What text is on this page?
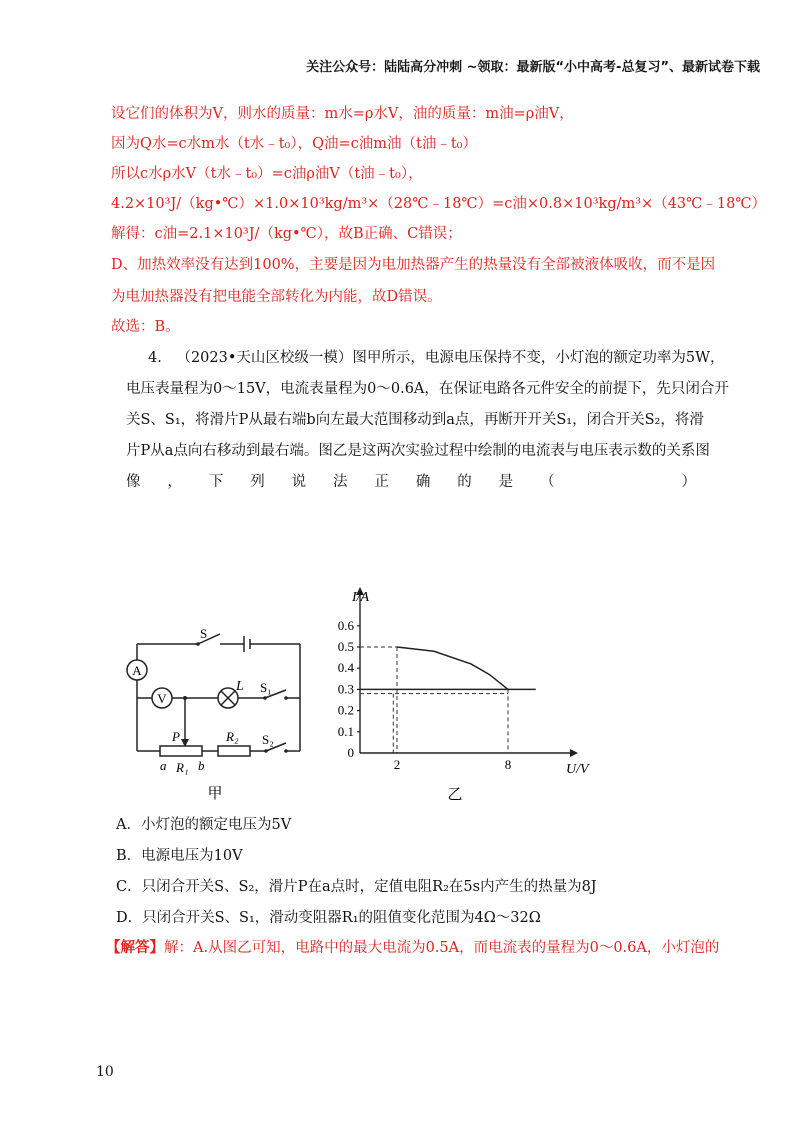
关注公众号：陆陆高分冲刺 ~领取：最新版“小中高考-总复习”、最新试卷下载
设它们的体积为V，则水的质量：m水=ρ水V，油的质量：m油=ρ油V，
因为Q水=c水m水（t水﹣t₀），Q油=c油m油（t油﹣t₀）
所以c水ρ水V（t水﹣t₀）=c油ρ油V（t油﹣t₀），
4.2×10³J/（kg•℃）×1.0×10³kg/m³×（28℃﹣18℃）=c油×0.8×10³kg/m³×（43℃﹣18℃）
解得：c油=2.1×10³J/（kg•℃），故B正确、C错误；
D、加热效率没有达到100%，主要是因为电加热器产生的热量没有全部被液体吸收，而不是因
为电加热器没有把电能全部转化为内能，故D错误。
故选：B。
4. （2023•天山区校级一模）图甲所示，电源电压保持不变，小灯泡的额定功率为5W，
电压表量程为0～15V，电流表量程为0～0.6A，在保证电路各元件安全的前提下，先只闭合开
关S、S₁，将滑片P从最右端b向左最大范围移动到a点，再断开开关S₁，闭合开关S₂，将滑
片P从a点向右移动到最右端。图乙是这两次实验过程中绘制的电流表与电压表示数的关系图
像 ， 下 列 说 法 正 确 的 是 （	）
A
V
S
L S₁
P	R₂ S₂
a R₁ b
甲
I/A
U/V
0
0.1
0.2
0.3
0.4
0.5
0.6
2	8
乙
A．小灯泡的额定电压为5V
B．电源电压为10V
C．只闭合开关S、S₂，滑片P在a点时，定值电阻R₂在5s内产生的热量为8J
D．只闭合开关S、S₁，滑动变阻器R₁的阻值变化范围为4Ω～32Ω
【解答】解：A.从图乙可知，电路中的最大电流为0.5A，而电流表的量程为0～0.6A，小灯泡的
10
